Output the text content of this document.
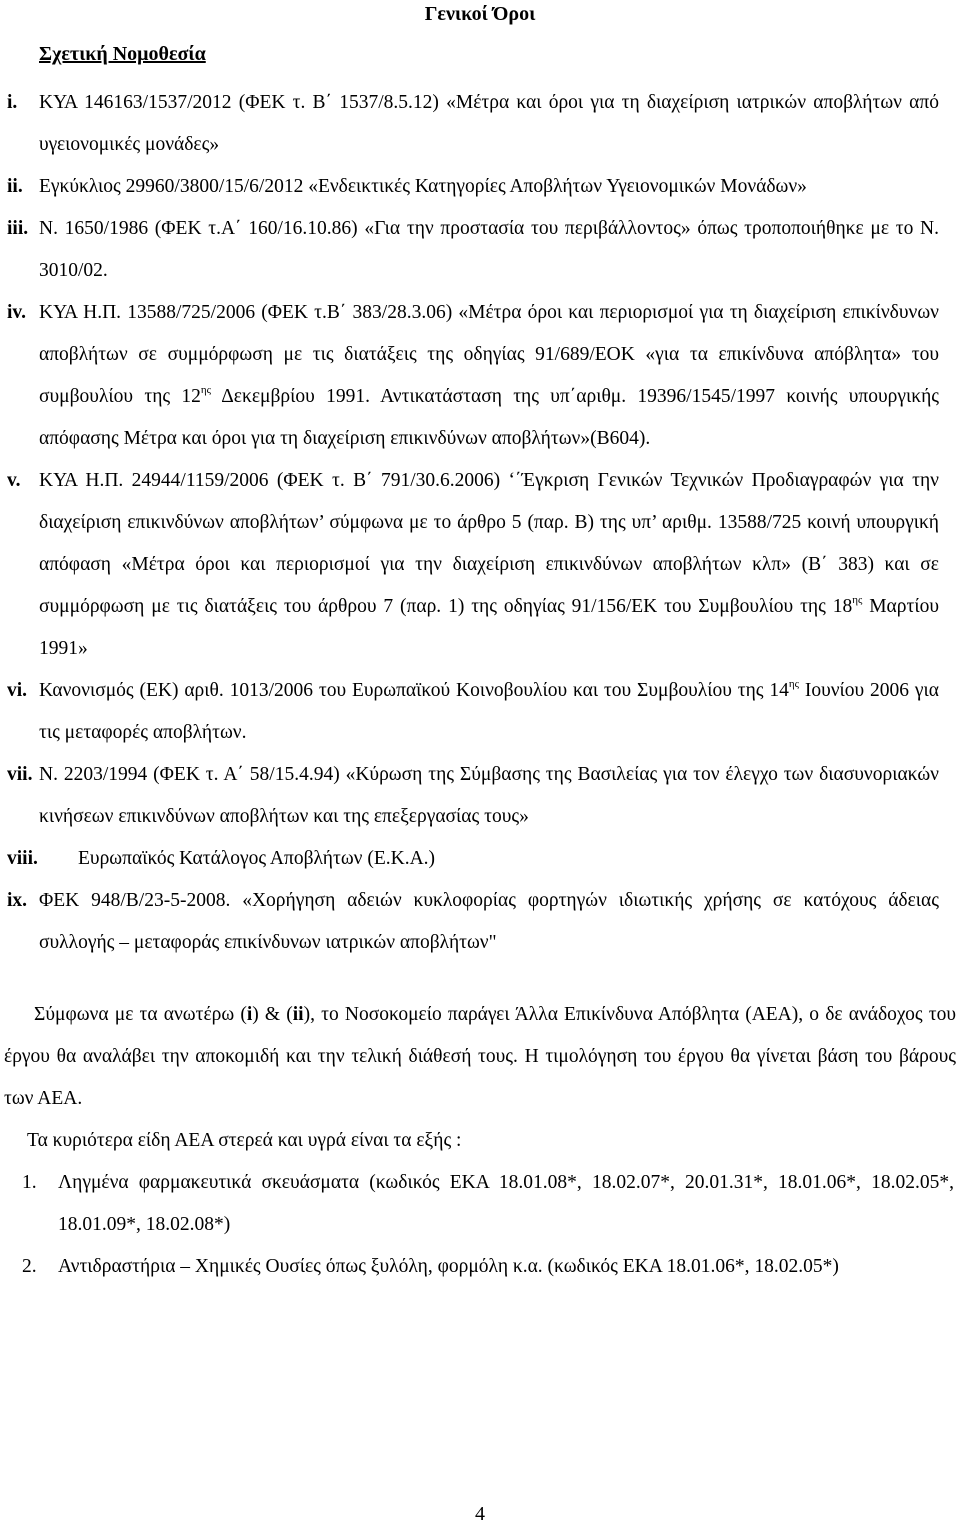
Γενικοί Όροι
Σχετική Νομοθεσία
i. ΚΥΑ 146163/1537/2012 (ΦΕΚ τ. Β΄ 1537/8.5.12) «Μέτρα και όροι για τη διαχείριση ιατρικών αποβλήτων από υγειονομικές μονάδες»
ii. Εγκύκλιος 29960/3800/15/6/2012 «Ενδεικτικές Κατηγορίες Αποβλήτων Υγειονομικών Μονάδων»
iii. Ν. 1650/1986 (ΦΕΚ τ.Α΄ 160/16.10.86) «Για την προστασία του περιβάλλοντος» όπως τροποποιήθηκε με το Ν. 3010/02.
iv. ΚΥΑ Η.Π. 13588/725/2006 (ΦΕΚ τ.Β΄ 383/28.3.06) «Μέτρα όροι και περιορισμοί για τη διαχείριση επικίνδυνων αποβλήτων σε συμμόρφωση με τις διατάξεις της οδηγίας 91/689/ΕΟΚ «για τα επικίνδυνα απόβλητα» του συμβουλίου της $12^{\eta\varsigma}$ Δεκεμβρίου 1991. Αντικατάσταση της υπ΄αριθμ. 19396/1545/1997 κοινής υπουργικής απόφασης Μέτρα και όροι για τη διαχείριση επικινδύνων αποβλήτων»(Β604).
v. ΚΥΑ Η.Π. 24944/1159/2006 (ΦΕΚ τ. Β΄ 791/30.6.2006) ‘΄Έγκριση Γενικών Τεχνικών Προδιαγραφών για την διαχείριση επικινδύνων αποβλήτων’ σύμφωνα με το άρθρο 5 (παρ. Β) της υπ’ αριθμ. 13588/725 κοινή υπουργική απόφαση «Μέτρα όροι και περιορισμοί για την διαχείριση επικινδύνων αποβλήτων κλπ» (Β΄ 383) και σε συμμόρφωση με τις διατάξεις του άρθρου 7 (παρ. 1) της οδηγίας 91/156/ΕΚ του Συμβουλίου της $18^{\eta\varsigma}$ Μαρτίου 1991»
vi. Κανονισμός (ΕΚ) αριθ. 1013/2006 του Ευρωπαϊκού Κοινοβουλίου και του Συμβουλίου της $14^{\eta\varsigma}$ Ιουνίου 2006 για τις μεταφορές αποβλήτων.
vii. Ν. 2203/1994 (ΦΕΚ τ. Α΄ 58/15.4.94) «Κύρωση της Σύμβασης της Βασιλείας για τον έλεγχο των διασυνοριακών κινήσεων επικινδύνων αποβλήτων και της επεξεργασίας τους»
viii. Ευρωπαϊκός Κατάλογος Αποβλήτων (Ε.Κ.Α.)
ix. ΦΕΚ 948/Β/23-5-2008. «Χορήγηση αδειών κυκλοφορίας φορτηγών ιδιωτικής χρήσης σε κατόχους άδειας συλλογής – μεταφοράς επικίνδυνων ιατρικών αποβλήτων"
Σύμφωνα με τα ανωτέρω (i) & (ii), το Νοσοκομείο παράγει Άλλα Επικίνδυνα Απόβλητα (ΑΕΑ), ο δε ανάδοχος του έργου θα αναλάβει την αποκομιδή και την τελική διάθεσή τους. Η τιμολόγηση του έργου θα γίνεται βάση του βάρους των ΑΕΑ.
Τα κυριότερα είδη ΑΕΑ στερεά και υγρά είναι τα εξής :
1. Ληγμένα φαρμακευτικά σκευάσματα (κωδικός ΕΚΑ 18.01.08*, 18.02.07*, 20.01.31*, 18.01.06*, 18.02.05*, 18.01.09*, 18.02.08*)
2. Αντιδραστήρια – Χημικές Ουσίες όπως ξυλόλη, φορμόλη κ.α. (κωδικός ΕΚΑ 18.01.06*, 18.02.05*)
4
